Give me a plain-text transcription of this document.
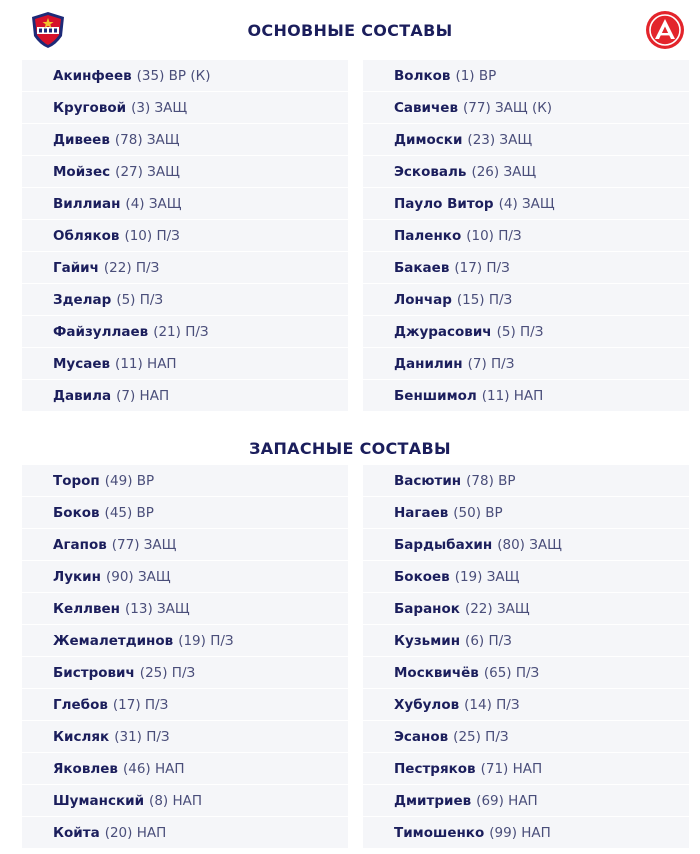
ОСНОВНЫЕ СОСТАВЫ
Акинфеев (35) ВР (К)
Круговой (3) ЗАЩ
Дивеев (78) ЗАЩ
Мойзес (27) ЗАЩ
Виллиан (4) ЗАЩ
Обляков (10) П/З
Гайич (22) П/З
Зделар (5) П/З
Файзуллаев (21) П/З
Мусаев (11) НАП
Давила (7) НАП
Волков (1) ВР
Савичев (77) ЗАЩ (К)
Димоски (23) ЗАЩ
Эсковаль (26) ЗАЩ
Пауло Витор (4) ЗАЩ
Паленкo (10) П/З
Бакаев (17) П/З
Лончар (15) П/З
Джурасович (5) П/З
Данилин (7) П/З
Беншимол (11) НАП
ЗАПАСНЫЕ СОСТАВЫ
Тороп (49) ВР
Боков (45) ВР
Агапов (77) ЗАЩ
Лукин (90) ЗАЩ
Келлвен (13) ЗАЩ
Жемалетдинов (19) П/З
Бистрович (25) П/З
Глебов (17) П/З
Кисляк (31) П/З
Яковлев (46) НАП
Шуманский (8) НАП
Койта (20) НАП
Васютин (78) ВР
Нагаев (50) ВР
Бардыбахин (80) ЗАЩ
Бокоев (19) ЗАЩ
Баранок (22) ЗАЩ
Кузьмин (6) П/З
Москвичёв (65) П/З
Хубулов (14) П/З
Эсанов (25) П/З
Пестряков (71) НАП
Дмитриев (69) НАП
Тимошенко (99) НАП
